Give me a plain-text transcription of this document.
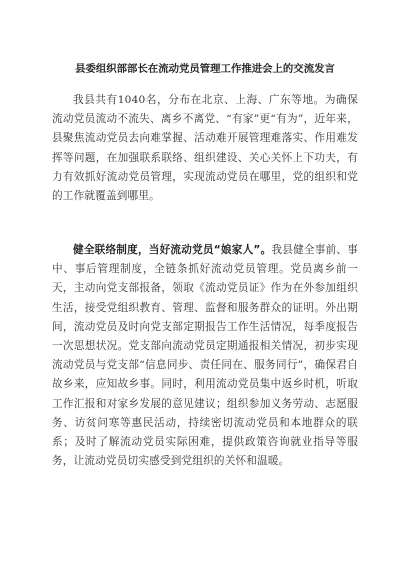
县委组织部部长在流动党员管理工作推进会上的交流发言

我县共有1040名，分布在北京、上海、广东等地。为确保流动党员流动不流失、离乡不离党、“有家”更“有为”，近年来，县聚焦流动党员去向难掌握、活动难开展管理难落实、作用难发挥等问题，在加强联系联络、组织建设、关心关怀上下功夫，有力有效抓好流动党员管理，实现流动党员在哪里，党的组织和党的工作就覆盖到哪里。

健全联络制度，当好流动党员“娘家人”。我县健全事前、事中、事后管理制度，全链条抓好流动党员管理。党员离乡前一天，主动向党支部报备，领取《流动党员证》作为在外参加组织生活，接受党组织教育、管理、监督和服务群众的证明。外出期间，流动党员及时向党支部定期报告工作生活情况，每季度报告一次思想状况。党支部向流动党员定期通报相关情况，初步实现流动党员与党支部“信息同步、责任同在、服务同行”，确保君自故乡来，应知故乡事。同时，利用流动党员集中返乡时机，听取工作汇报和对家乡发展的意见建议；组织参加义务劳动、志愿服务、访贫问寒等惠民活动，持续密切流动党员和本地群众的联系；及时了解流动党员实际困难，提供政策咨询就业指导等服务，让流动党员切实感受到党组织的关怀和温暖。
